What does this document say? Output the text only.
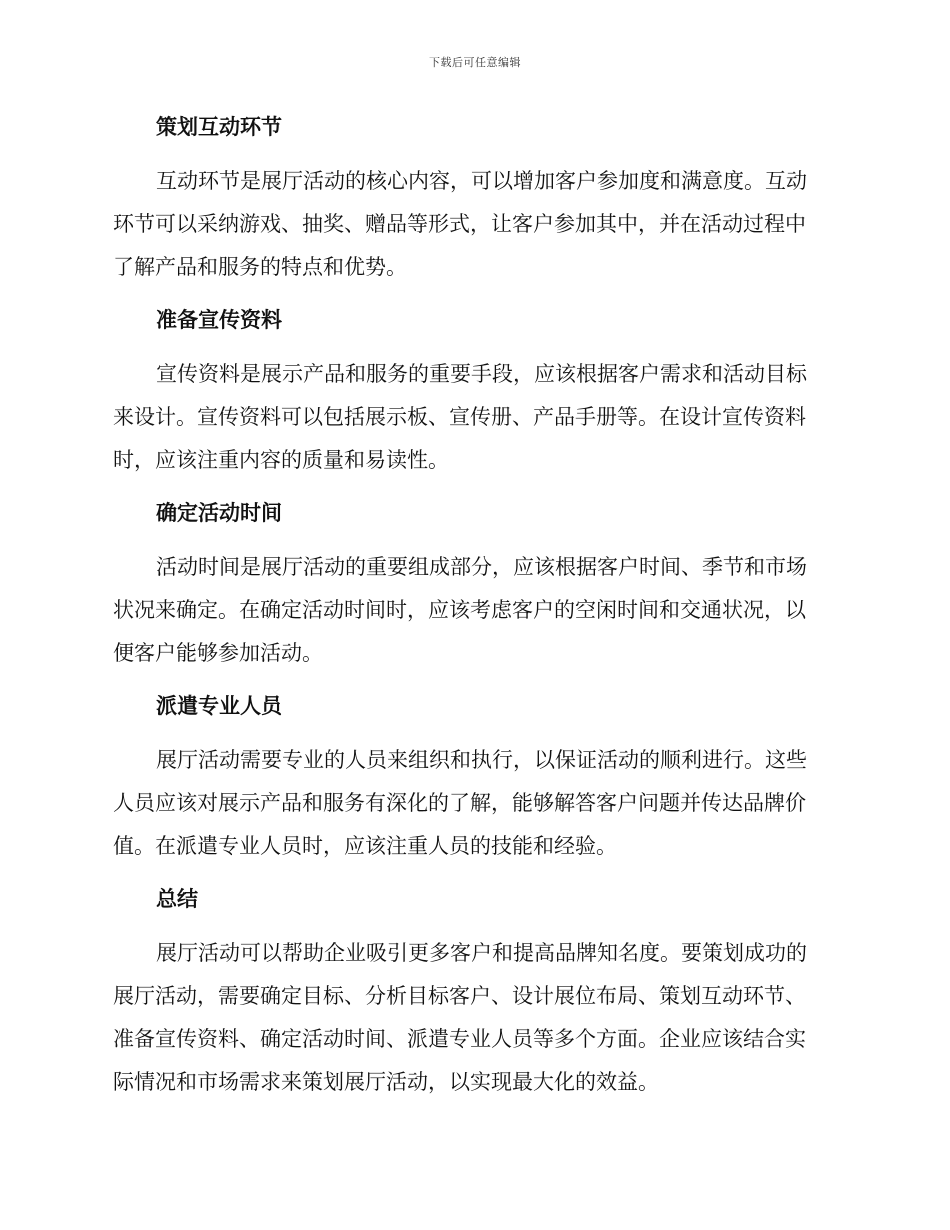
下载后可任意编辑
策划互动环节
互动环节是展厅活动的核心内容，可以增加客户参加度和满意度。互动
环节可以采纳游戏、抽奖、赠品等形式，让客户参加其中，并在活动过程中
了解产品和服务的特点和优势。
准备宣传资料
宣传资料是展示产品和服务的重要手段，应该根据客户需求和活动目标
来设计。宣传资料可以包括展示板、宣传册、产品手册等。在设计宣传资料
时，应该注重内容的质量和易读性。
确定活动时间
活动时间是展厅活动的重要组成部分，应该根据客户时间、季节和市场
状况来确定。在确定活动时间时，应该考虑客户的空闲时间和交通状况，以
便客户能够参加活动。
派遣专业人员
展厅活动需要专业的人员来组织和执行，以保证活动的顺利进行。这些
人员应该对展示产品和服务有深化的了解，能够解答客户问题并传达品牌价
值。在派遣专业人员时，应该注重人员的技能和经验。
总结
展厅活动可以帮助企业吸引更多客户和提高品牌知名度。要策划成功的
展厅活动，需要确定目标、分析目标客户、设计展位布局、策划互动环节、
准备宣传资料、确定活动时间、派遣专业人员等多个方面。企业应该结合实
际情况和市场需求来策划展厅活动，以实现最大化的效益。
